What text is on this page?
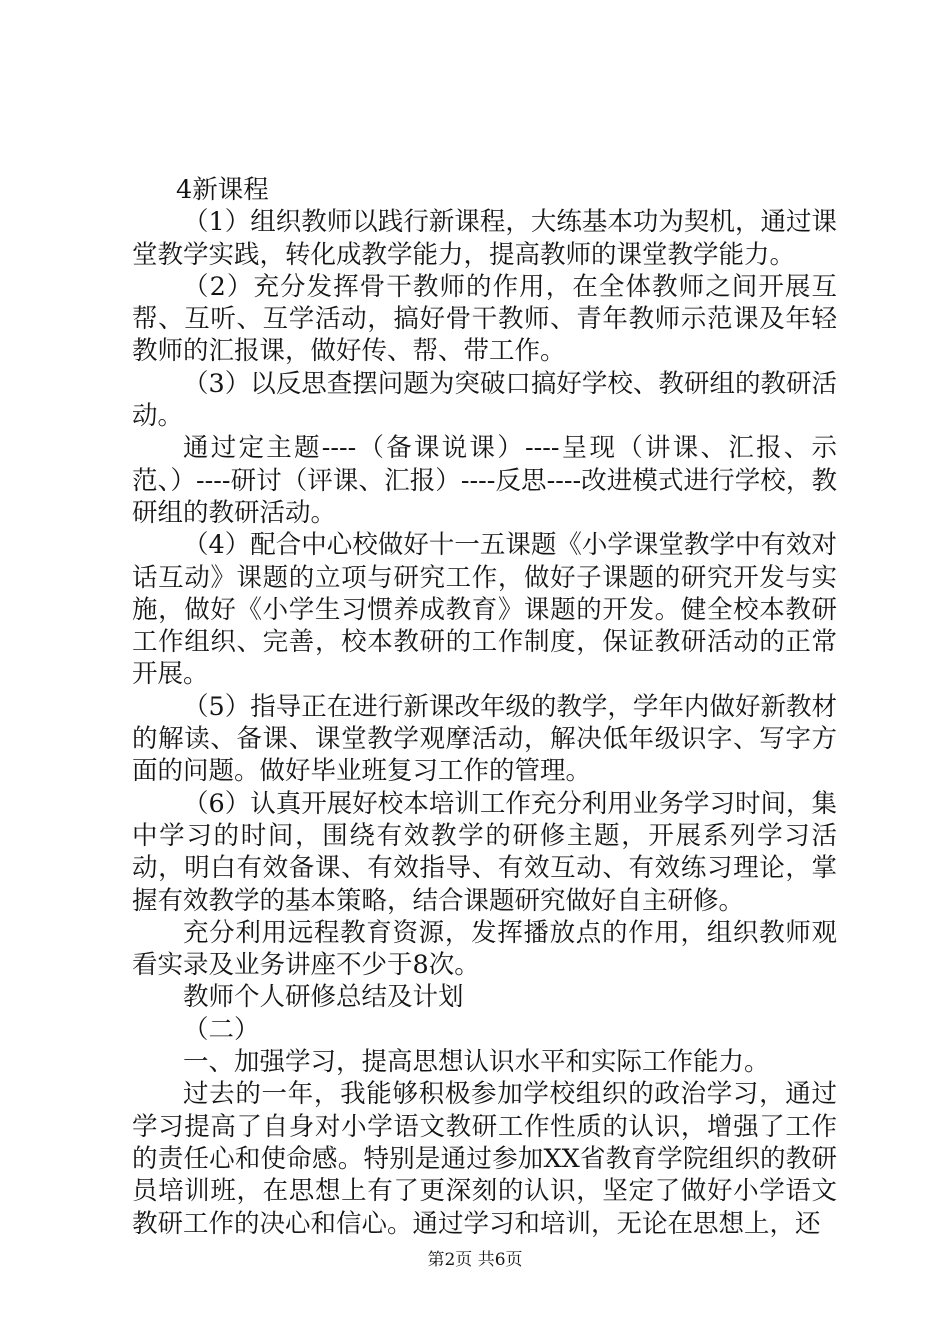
4新课程

（1）组织教师以践行新课程，大练基本功为契机，通过课堂教学实践，转化成教学能力，提高教师的课堂教学能力。

（2）充分发挥骨干教师的作用，在全体教师之间开展互帮、互听、互学活动，搞好骨干教师、青年教师示范课及年轻教师的汇报课，做好传、帮、带工作。

（3）以反思查摆问题为突破口搞好学校、教研组的教研活动。

通过定主题----（备课说课）----呈现（讲课、汇报、示范、）----研讨（评课、汇报）----反思----改进模式进行学校，教研组的教研活动。

（4）配合中心校做好十一五课题《小学课堂教学中有效对话互动》课题的立项与研究工作，做好子课题的研究开发与实施，做好《小学生习惯养成教育》课题的开发。健全校本教研工作组织、完善，校本教研的工作制度，保证教研活动的正常开展。

（5）指导正在进行新课改年级的教学，学年内做好新教材的解读、备课、课堂教学观摩活动，解决低年级识字、写字方面的问题。做好毕业班复习工作的管理。

（6）认真开展好校本培训工作充分利用业务学习时间，集中学习的时间，围绕有效教学的研修主题，开展系列学习活动，明白有效备课、有效指导、有效互动、有效练习理论，掌握有效教学的基本策略，结合课题研究做好自主研修。

充分利用远程教育资源，发挥播放点的作用，组织教师观看实录及业务讲座不少于8次。

教师个人研修总结及计划

（二）

一、加强学习，提高思想认识水平和实际工作能力。

过去的一年，我能够积极参加学校组织的政治学习，通过学习提高了自身对小学语文教研工作性质的认识，增强了工作的责任心和使命感。特别是通过参加XX省教育学院组织的教研员培训班，在思想上有了更深刻的认识，坚定了做好小学语文教研工作的决心和信心。通过学习和培训，无论在思想上，还

第2页 共6页
